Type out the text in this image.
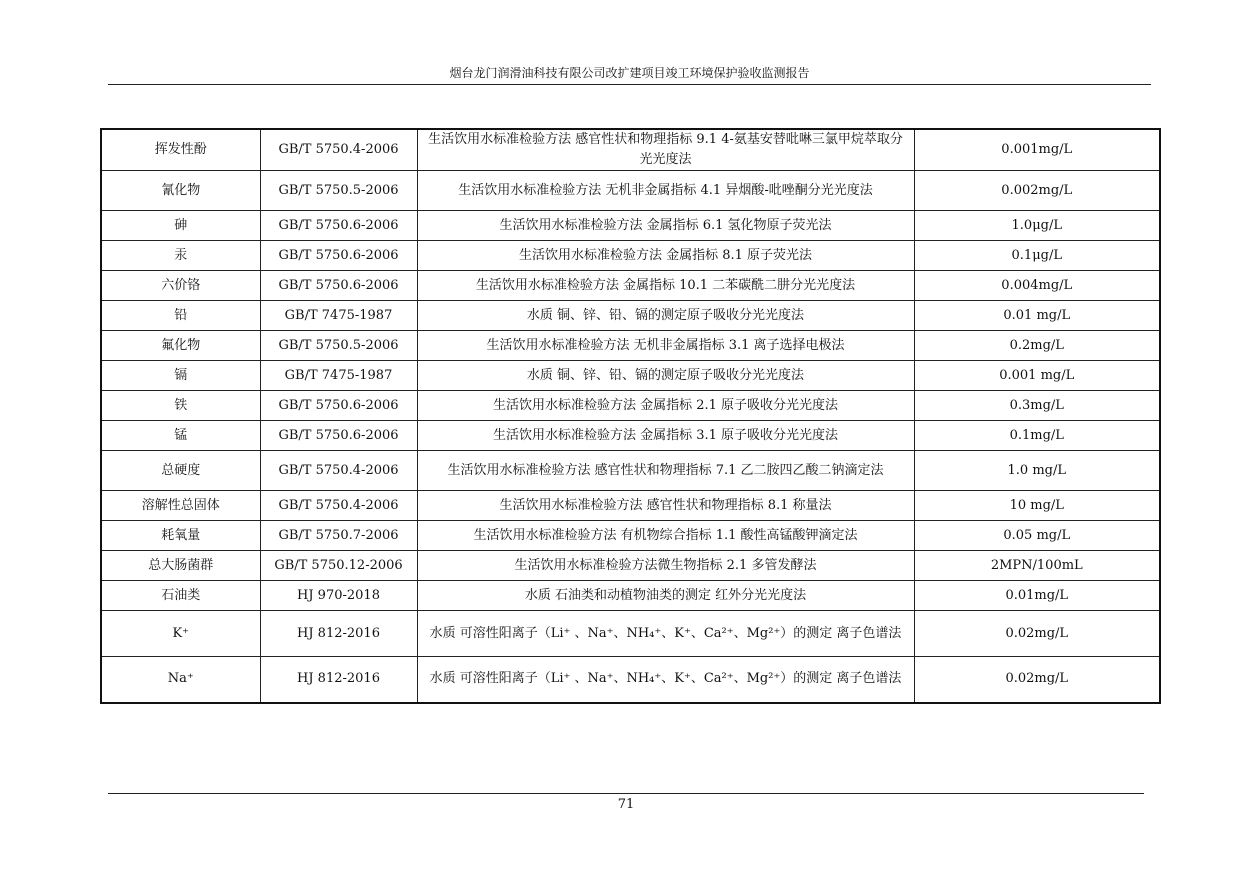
烟台龙门润滑油科技有限公司改扩建项目竣工环境保护验收监测报告
挥发性酚	GB/T 5750.4-2006	生活饮用水标准检验方法 感官性状和物理指标 9.1 4-氨基安替吡啉三氯甲烷萃取分光光度法	0.001mg/L
氰化物	GB/T 5750.5-2006	生活饮用水标准检验方法 无机非金属指标 4.1 异烟酸-吡唑酮分光光度法	0.002mg/L
砷	GB/T 5750.6-2006	生活饮用水标准检验方法 金属指标 6.1 氢化物原子荧光法	1.0μg/L
汞	GB/T 5750.6-2006	生活饮用水标准检验方法 金属指标 8.1 原子荧光法	0.1μg/L
六价铬	GB/T 5750.6-2006	生活饮用水标准检验方法 金属指标 10.1 二苯碳酰二肼分光光度法	0.004mg/L
铅	GB/T 7475-1987	水质 铜、锌、铅、镉的测定原子吸收分光光度法	0.01 mg/L
氟化物	GB/T 5750.5-2006	生活饮用水标准检验方法 无机非金属指标 3.1 离子选择电极法	0.2mg/L
镉	GB/T 7475-1987	水质 铜、锌、铅、镉的测定原子吸收分光光度法	0.001 mg/L
铁	GB/T 5750.6-2006	生活饮用水标准检验方法 金属指标 2.1 原子吸收分光光度法	0.3mg/L
锰	GB/T 5750.6-2006	生活饮用水标准检验方法 金属指标 3.1 原子吸收分光光度法	0.1mg/L
总硬度	GB/T 5750.4-2006	生活饮用水标准检验方法 感官性状和物理指标 7.1 乙二胺四乙酸二钠滴定法	1.0 mg/L
溶解性总固体	GB/T 5750.4-2006	生活饮用水标准检验方法 感官性状和物理指标 8.1 称量法	10 mg/L
耗氧量	GB/T 5750.7-2006	生活饮用水标准检验方法 有机物综合指标 1.1 酸性高锰酸钾滴定法	0.05 mg/L
总大肠菌群	GB/T 5750.12-2006	生活饮用水标准检验方法微生物指标 2.1 多管发酵法	2MPN/100mL
石油类	HJ 970-2018	水质 石油类和动植物油类的测定 红外分光光度法	0.01mg/L
K⁺	HJ 812-2016	水质 可溶性阳离子（Li⁺ 、Na⁺、NH₄⁺、K⁺、Ca²⁺、Mg²⁺）的测定 离子色谱法	0.02mg/L
Na⁺	HJ 812-2016	水质 可溶性阳离子（Li⁺ 、Na⁺、NH₄⁺、K⁺、Ca²⁺、Mg²⁺）的测定 离子色谱法	0.02mg/L
71
